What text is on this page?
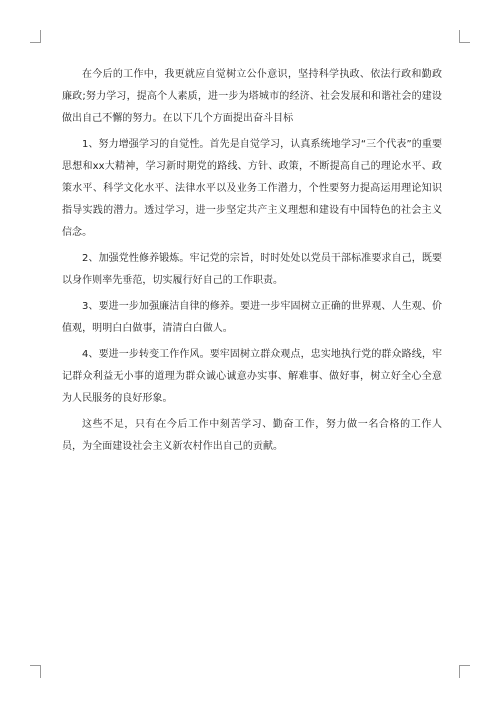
在今后的工作中，我更就应自觉树立公仆意识，坚持科学执政、依法行政和勤政廉政;努力学习，提高个人素质，进一步为塔城市的经济、社会发展和和谐社会的建设做出自己不懈的努力。在以下几个方面提出奋斗目标

1、努力增强学习的自觉性。首先是自觉学习，认真系统地学习“三个代表”的重要思想和xx大精神，学习新时期党的路线、方针、政策，不断提高自己的理论水平、政策水平、科学文化水平、法律水平以及业务工作潜力，个性要努力提高运用理论知识指导实践的潜力。透过学习，进一步坚定共产主义理想和建设有中国特色的社会主义信念。

2、加强党性修养锻炼。牢记党的宗旨，时时处处以党员干部标准要求自己，既要以身作则率先垂范，切实履行好自己的工作职责。

3、要进一步加强廉洁自律的修养。要进一步牢固树立正确的世界观、人生观、价值观，明明白白做事，清清白白做人。

4、要进一步转变工作作风。要牢固树立群众观点，忠实地执行党的群众路线，牢记群众利益无小事的道理为群众诚心诚意办实事、解难事、做好事，树立好全心全意为人民服务的良好形象。

这些不足，只有在今后工作中刻苦学习、勤奋工作，努力做一名合格的工作人员，为全面建设社会主义新农村作出自己的贡献。
